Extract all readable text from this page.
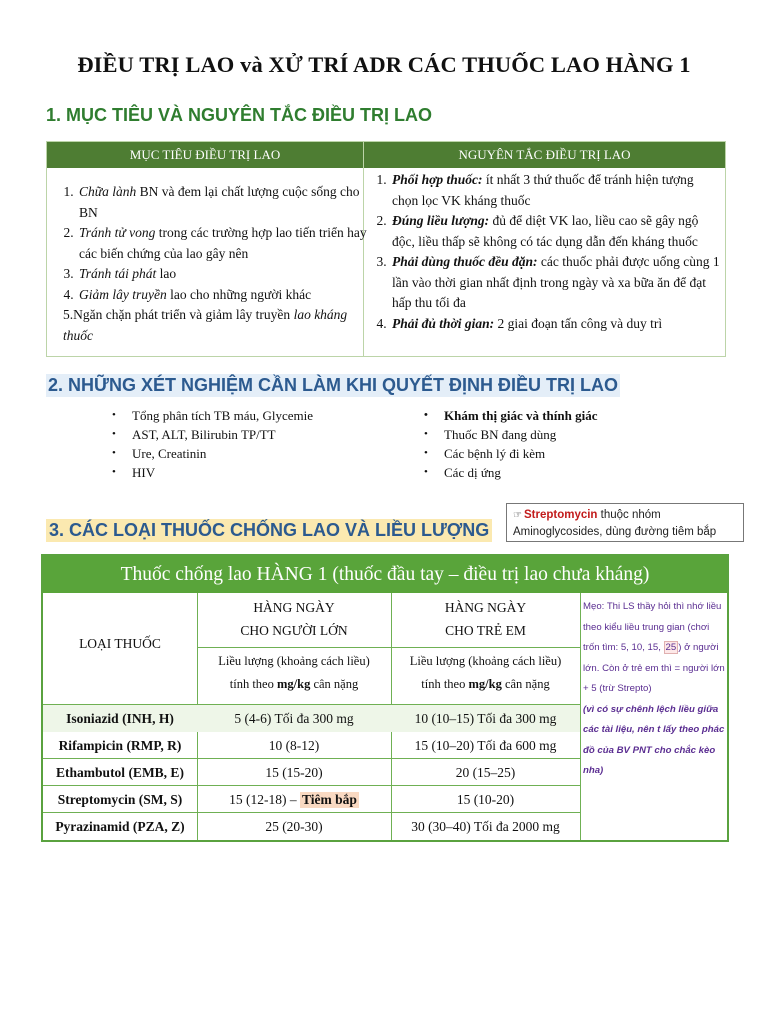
ĐIỀU TRỊ LAO và XỬ TRÍ ADR CÁC THUỐC LAO HÀNG 1
1. MỤC TIÊU VÀ NGUYÊN TẮC ĐIỀU TRỊ LAO
MỤC TIÊU ĐIỀU TRỊ LAO	NGUYÊN TẮC ĐIỀU TRỊ LAO
1. Chữa lành BN và đem lại chất lượng cuộc sống cho BN
2. Tránh tử vong trong các trường hợp lao tiến triển hay các biến chứng của lao gây nên
3. Tránh tái phát lao
4. Giảm lây truyền lao cho những người khác
5.Ngăn chặn phát triển và giảm lây truyền lao kháng thuốc
1. Phối hợp thuốc: ít nhất 3 thứ thuốc để tránh hiện tượng chọn lọc VK kháng thuốc
2. Đúng liều lượng: đủ để diệt VK lao, liều cao sẽ gây ngộ độc, liều thấp sẽ không có tác dụng dẫn đến kháng thuốc
3. Phải dùng thuốc đều đặn: các thuốc phải được uống cùng 1 lần vào thời gian nhất định trong ngày và xa bữa ăn để đạt hấp thu tối đa
4. Phải đủ thời gian: 2 giai đoạn tấn công và duy trì
2. NHỮNG XÉT NGHIỆM CẦN LÀM KHI QUYẾT ĐỊNH ĐIỀU TRỊ LAO
• Tổng phân tích TB máu, Glycemie
• AST, ALT, Bilirubin TP/TT
• Ure, Creatinin
• HIV
• Khám thị giác và thính giác
• Thuốc BN đang dùng
• Các bệnh lý đi kèm
• Các dị ứng
☞ Streptomycin thuộc nhóm
Aminoglycosides, dùng đường tiêm bắp
3. CÁC LOẠI THUỐC CHỐNG LAO VÀ LIỀU LƯỢNG
Thuốc chống lao HÀNG 1 (thuốc đầu tay – điều trị lao chưa kháng)
LOẠI THUỐC
HÀNG NGÀY
CHO NGƯỜI LỚN
HÀNG NGÀY
CHO TRẺ EM
Liều lượng (khoảng cách liều)
tính theo mg/kg cân nặng
Liều lượng (khoảng cách liều)
tính theo mg/kg cân nặng
Isoniazid (INH, H)	5 (4-6) Tối đa 300 mg	10 (10–15) Tối đa 300 mg
Rifampicin (RMP, R)	10 (8-12)	15 (10–20) Tối đa 600 mg
Ethambutol (EMB, E)	15 (15-20)	20 (15–25)
Streptomycin (SM, S)	15 (12-18) – Tiêm bắp	15 (10-20)
Pyrazinamid (PZA, Z)	25 (20-30)	30 (30–40) Tối đa 2000 mg
Mẹo: Thi LS thầy hỏi thì nhớ liều theo kiểu liều trung gian (chơi trốn tìm: 5, 10, 15, 25 ) ở người lớn. Còn ở trẻ em thì = người lớn + 5 (trừ Strepto)
(vì có sự chênh lệch liều giữa các tài liệu, nên t lấy theo phác đồ của BV PNT cho chắc kèo nha)
